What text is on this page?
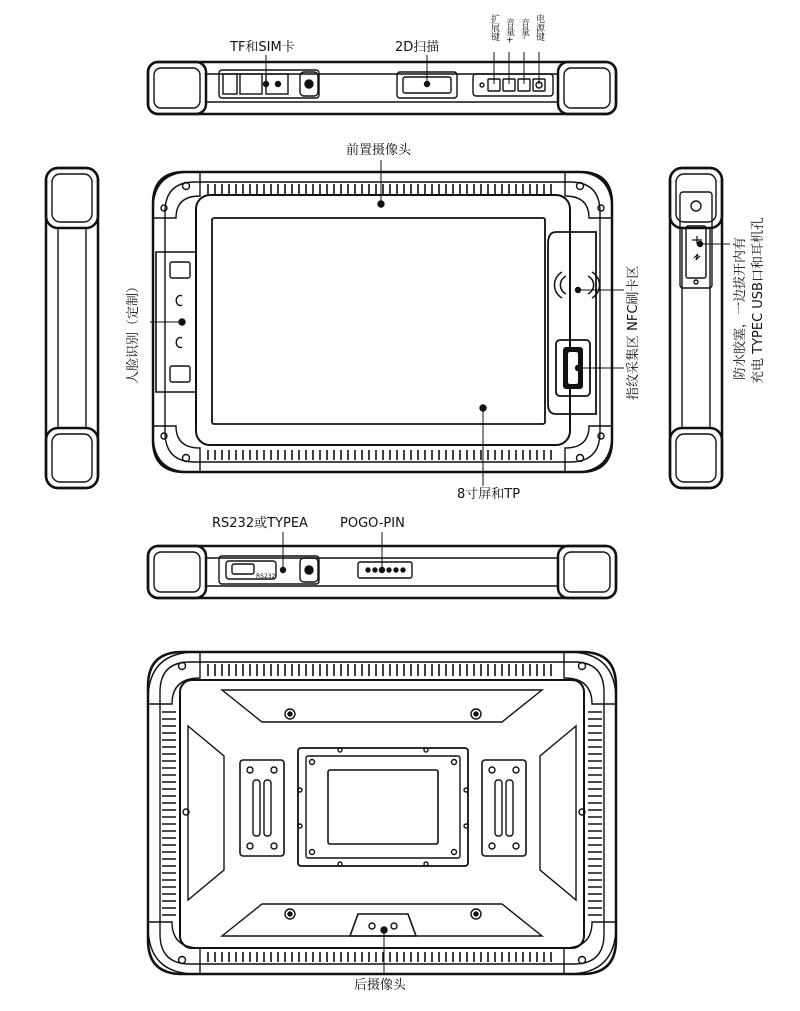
TF和SIM卡	2D扫描
扩展键 音量+ 音量- 电源键
前置摄像头
人脸识别（定制）	指纹采集区 NFC刷卡区	防水胶塞，一边拔开内有 充电 TYPEC USB口和耳机孔
8寸屏和TP
RS232或TYPEA POGO-PIN
RS232
后摄像头
